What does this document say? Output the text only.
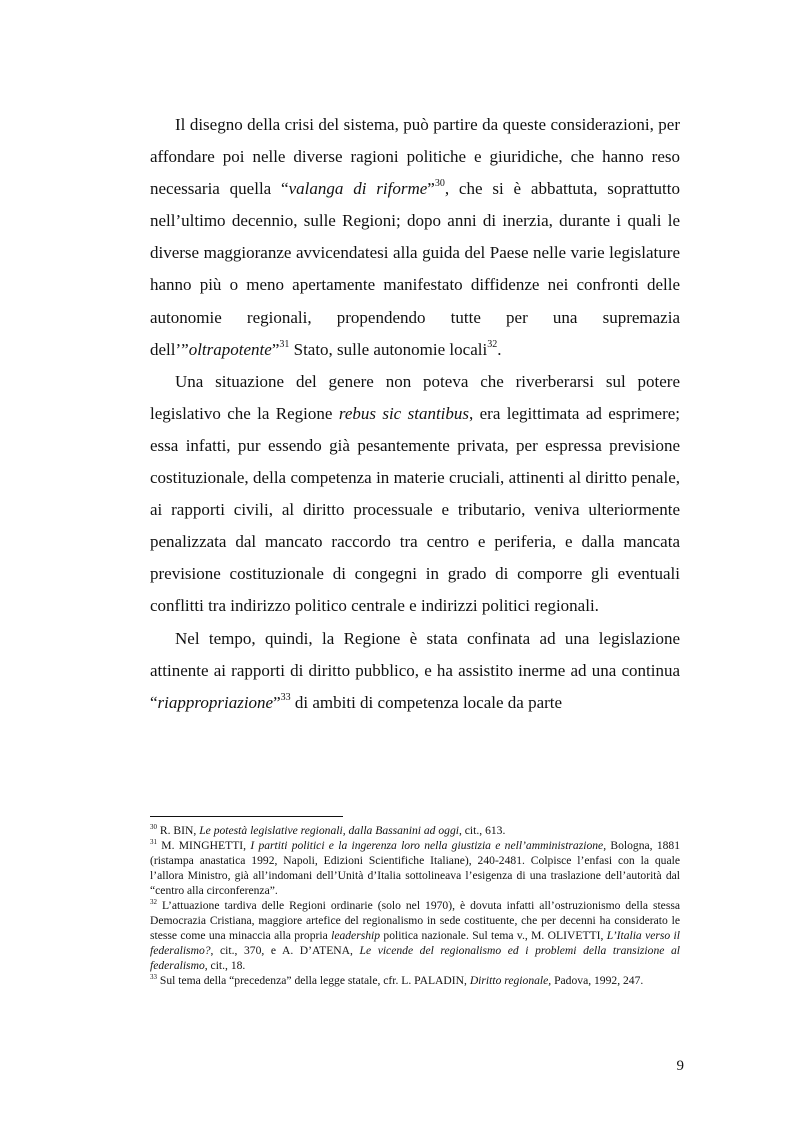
Il disegno della crisi del sistema, può partire da queste considerazioni, per affondare poi nelle diverse ragioni politiche e giuridiche, che hanno reso necessaria quella “valanga di riforme”$^{30}$, che si è abbattuta, soprattutto nell’ultimo decennio, sulle Regioni; dopo anni di inerzia, durante i quali le diverse maggioranze avvicendatesi alla guida del Paese nelle varie legislature hanno più o meno apertamente manifestato diffidenze nei confronti delle autonomie regionali, propendendo tutte per una supremazia dell’”oltrapotente”$^{31}$ Stato, sulle autonomie locali$^{32}$.

Una situazione del genere non poteva che riverberarsi sul potere legislativo che la Regione rebus sic stantibus, era legittimata ad esprimere; essa infatti, pur essendo già pesantemente privata, per espressa previsione costituzionale, della competenza in materie cruciali, attinenti al diritto penale, ai rapporti civili, al diritto processuale e tributario, veniva ulteriormente penalizzata dal mancato raccordo tra centro e periferia, e dalla mancata previsione costituzionale di congegni in grado di comporre gli eventuali conflitti tra indirizzo politico centrale e indirizzi politici regionali.

Nel tempo, quindi, la Regione è stata confinata ad una legislazione attinente ai rapporti di diritto pubblico, e ha assistito inerme ad una continua “riappropriazione”$^{33}$ di ambiti di competenza locale da parte

$^{30}$ R. BIN, Le potestà legislative regionali, dalla Bassanini ad oggi, cit., 613.

$^{31}$ M. MINGHETTI, I partiti politici e la ingerenza loro nella giustizia e nell’amministrazione, Bologna, 1881 (ristampa anastatica 1992, Napoli, Edizioni Scientifiche Italiane), 240-2481. Colpisce l’enfasi con la quale l’allora Ministro, già all’indomani dell’Unità d’Italia sottolineava l’esigenza di una traslazione dell’autorità dal “centro alla circonferenza”.

$^{32}$ L’attuazione tardiva delle Regioni ordinarie (solo nel 1970), è dovuta infatti all’ostruzionismo della stessa Democrazia Cristiana, maggiore artefice del regionalismo in sede costituente, che per decenni ha considerato le stesse come una minaccia alla propria leadership politica nazionale. Sul tema v., M. OLIVETTI, L’Italia verso il federalismo?, cit., 370, e A. D’ATENA, Le vicende del regionalismo ed i problemi della transizione al federalismo, cit., 18.

$^{33}$ Sul tema della “precedenza” della legge statale, cfr. L. PALADIN, Diritto regionale, Padova, 1992, 247.

9
